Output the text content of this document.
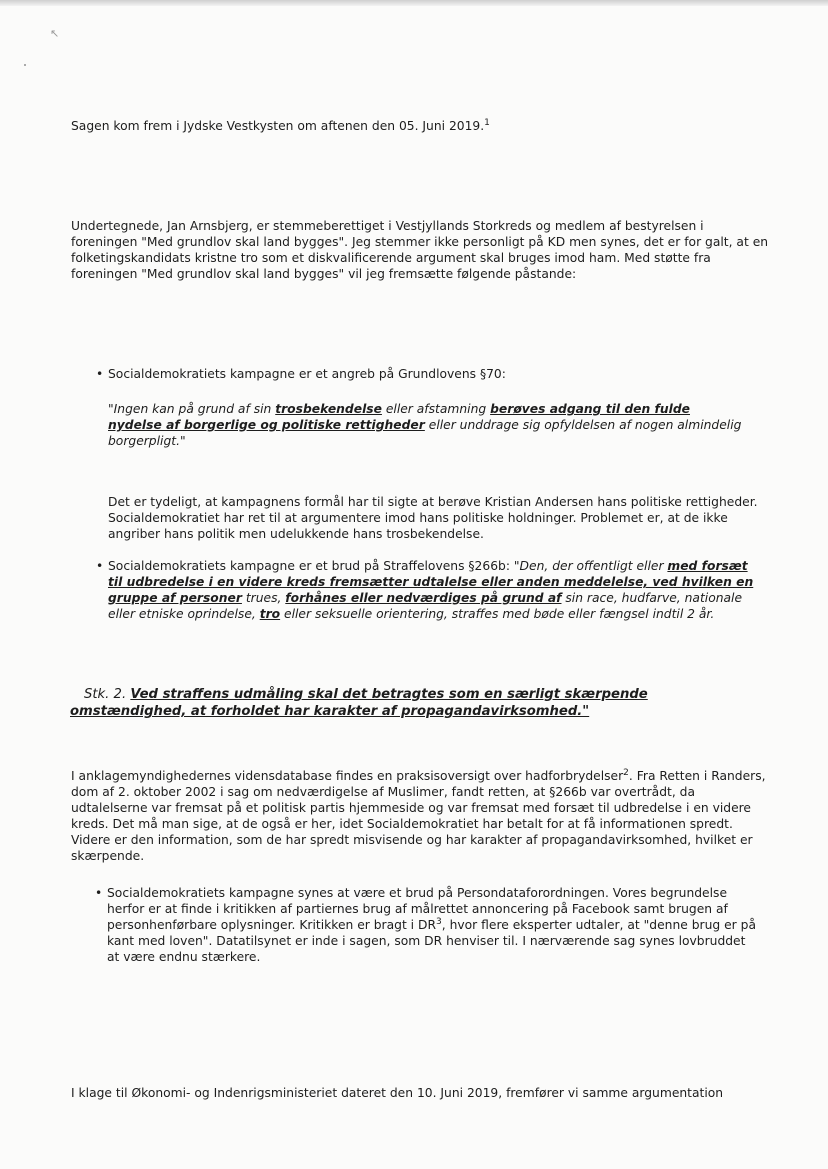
↖

Sagen kom frem i Jydske Vestkysten om aftenen den 05. Juni 2019.$^1$

Undertegnede, Jan Arnsbjerg, er stemmeberettiget i Vestjyllands Storkreds og medlem af bestyrelsen i foreningen "Med grundlov skal land bygges". Jeg stemmer ikke personligt på KD men synes, det er for galt, at en folketingskandidats kristne tro som et diskvalificerende argument skal bruges imod ham. Med støtte fra foreningen "Med grundlov skal land bygges" vil jeg fremsætte følgende påstande:

• Socialdemokratiets kampagne er et angreb på Grundlovens §70:

"Ingen kan på grund af sin trosbekendelse eller afstamning berøves adgang til den fulde nydelse af borgerlige og politiske rettigheder eller unddrage sig opfyldelsen af nogen almindelig borgerpligt."

Det er tydeligt, at kampagnens formål har til sigte at berøve Kristian Andersen hans politiske rettigheder. Socialdemokratiet har ret til at argumentere imod hans politiske holdninger. Problemet er, at de ikke angriber hans politik men udelukkende hans trosbekendelse.

• Socialdemokratiets kampagne er et brud på Straffelovens §266b: "Den, der offentligt eller med forsæt til udbredelse i en videre kreds fremsætter udtalelse eller anden meddelelse, ved hvilken en gruppe af personer trues, forhånes eller nedværdiges på grund af sin race, hudfarve, nationale eller etniske oprindelse, tro eller seksuelle orientering, straffes med bøde eller fængsel indtil 2 år.

Stk. 2. Ved straffens udmåling skal det betragtes som en særligt skærpende omstændighed, at forholdet har karakter af propagandavirksomhed."

I anklagemyndighedernes vidensdatabase findes en praksisoversigt over hadforbrydelser$^2$. Fra Retten i Randers, dom af 2. oktober 2002 i sag om nedværdigelse af Muslimer, fandt retten, at §266b var overtrådt, da udtalelserne var fremsat på et politisk partis hjemmeside og var fremsat med forsæt til udbredelse i en videre kreds. Det må man sige, at de også er her, idet Socialdemokratiet har betalt for at få informationen spredt. Videre er den information, som de har spredt misvisende og har karakter af propagandavirksomhed, hvilket er skærpende.

• Socialdemokratiets kampagne synes at være et brud på Persondataforordningen. Vores begrundelse herfor er at finde i kritikken af partiernes brug af målrettet annoncering på Facebook samt brugen af personhenførbare oplysninger. Kritikken er bragt i $DR^3$, hvor flere eksperter udtaler, at "denne brug er på kant med loven". Datatilsynet er inde i sagen, som DR henviser til. I nærværende sag synes lovbruddet at være endnu stærkere.

I klage til Økonomi- og Indenrigsministeriet dateret den 10. Juni 2019, fremfører vi samme argumentation
